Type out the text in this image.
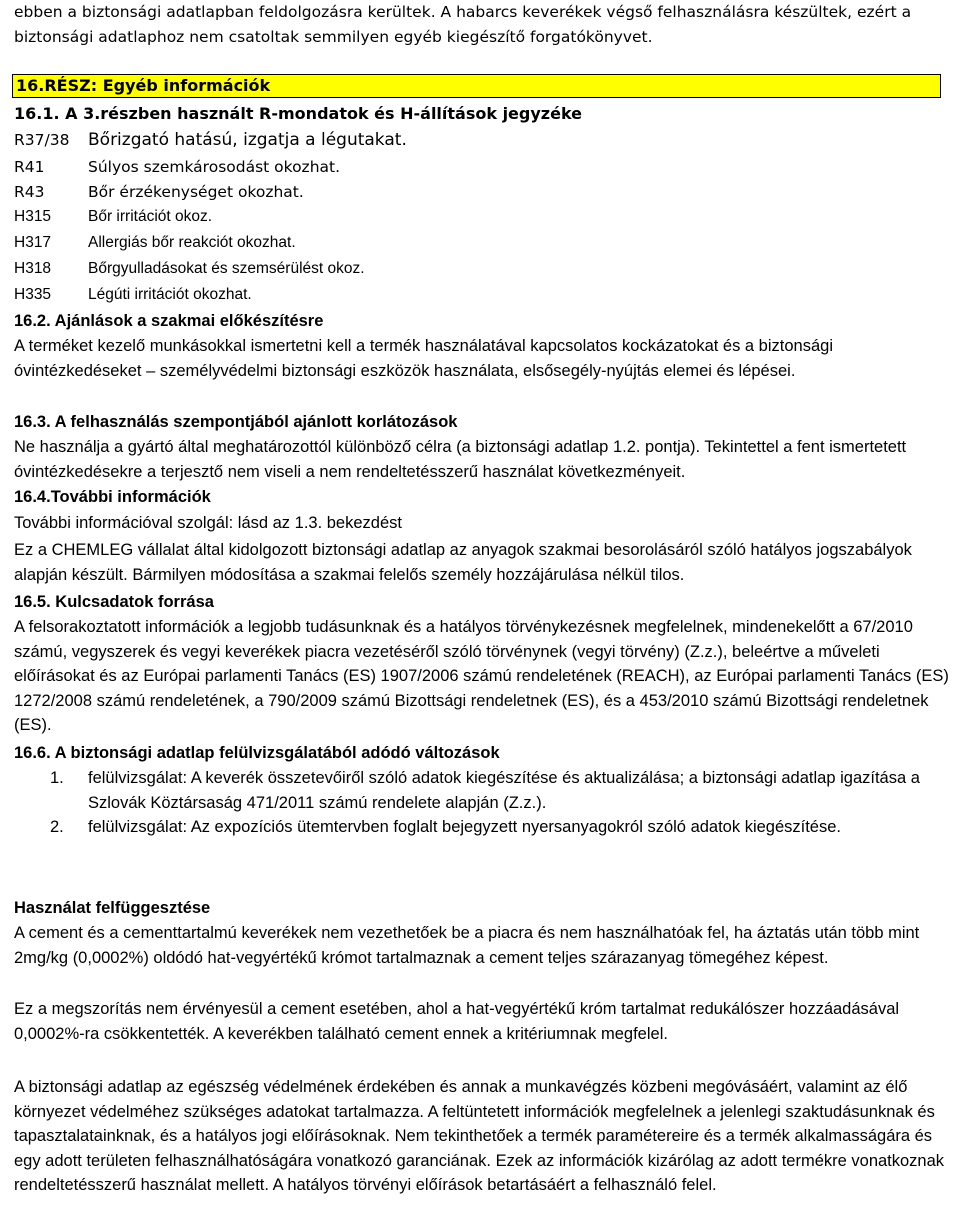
ebben a biztonsági adatlapban feldolgozásra kerültek. A habarcs keverékek végső felhasználásra készültek, ezért a biztonsági adatlaphoz nem csatoltak semmilyen egyéb kiegészítő forgatókönyvet.
16.RÉSZ: Egyéb információk
16.1. A 3.részben használt R-mondatok és H-állítások jegyzéke
R37/38 Bőrizgató hatású, izgatja a légutakat.
R41	Súlyos szemkárosodást okozhat.
R43	Bőr érzékenységet okozhat.
H315 Bőr irritációt okoz.
H317 Allergiás bőr reakciót okozhat.
H318 Bőrgyulladásokat és szemsérülést okoz.
H335 Légúti irritációt okozhat.
16.2. Ajánlások a szakmai előkészítésre
A terméket kezelő munkásokkal ismertetni kell a termék használatával kapcsolatos kockázatokat és a biztonsági óvintézkedéseket – személyvédelmi biztonsági eszközök használata, elsősegély-nyújtás elemei és lépései.
16.3. A felhasználás szempontjából ajánlott korlátozások
Ne használja a gyártó által meghatározottól különböző célra (a biztonsági adatlap 1.2. pontja). Tekintettel a fent ismertetett óvintézkedésekre a terjesztő nem viseli a nem rendeltetésszerű használat következményeit.
16.4.További információk
További információval szolgál: lásd az 1.3. bekezdést
Ez a CHEMLEG vállalat által kidolgozott biztonsági adatlap az anyagok szakmai besorolásáról szóló hatályos jogszabályok alapján készült. Bármilyen módosítása a szakmai felelős személy hozzájárulása nélkül tilos.
16.5. Kulcsadatok forrása
A felsorakoztatott információk a legjobb tudásunknak és a hatályos törvénykezésnek megfelelnek, mindenekelőtt a 67/2010 számú, vegyszerek és vegyi keverékek piacra vezetéséről szóló törvénynek (vegyi törvény) (Z.z.), beleértve a műveleti előírásokat és az Európai parlamenti Tanács (ES) 1907/2006 számú rendeletének (REACH), az Európai parlamenti Tanács (ES) 1272/2008 számú rendeletének, a 790/2009 számú Bizottsági rendeletnek (ES), és a 453/2010 számú Bizottsági rendeletnek (ES).
16.6. A biztonsági adatlap felülvizsgálatából adódó változások
1. felülvizsgálat: A keverék összetevőiről szóló adatok kiegészítése és aktualizálása; a biztonsági adatlap igazítása a Szlovák Köztársaság 471/2011 számú rendelete alapján (Z.z.).
2. felülvizsgálat: Az expozíciós ütemtervben foglalt bejegyzett nyersanyagokról szóló adatok kiegészítése.
Használat felfüggesztése
A cement és a cementtartalmú keverékek nem vezethetőek be a piacra és nem használhatóak fel, ha áztatás után több mint 2mg/kg (0,0002%) oldódó hat-vegyértékű krómot tartalmaznak a cement teljes szárazanyag tömegéhez képest.
Ez a megszorítás nem érvényesül a cement esetében, ahol a hat-vegyértékű króm tartalmat redukálószer hozzáadásával 0,0002%-ra csökkentették. A keverékben található cement ennek a kritériumnak megfelel.
A biztonsági adatlap az egészség védelmének érdekében és annak a munkavégzés közbeni megóvásáért, valamint az élő környezet védelméhez szükséges adatokat tartalmazza. A feltüntetett információk megfelelnek a jelenlegi szaktudásunknak és tapasztalatainknak, és a hatályos jogi előírásoknak. Nem tekinthetőek a termék paramétereire és a termék alkalmasságára és egy adott területen felhasználhatóságára vonatkozó garanciának. Ezek az információk kizárólag az adott termékre vonatkoznak rendeltetésszerű használat mellett. A hatályos törvényi előírások betartásáért a felhasználó felel.
